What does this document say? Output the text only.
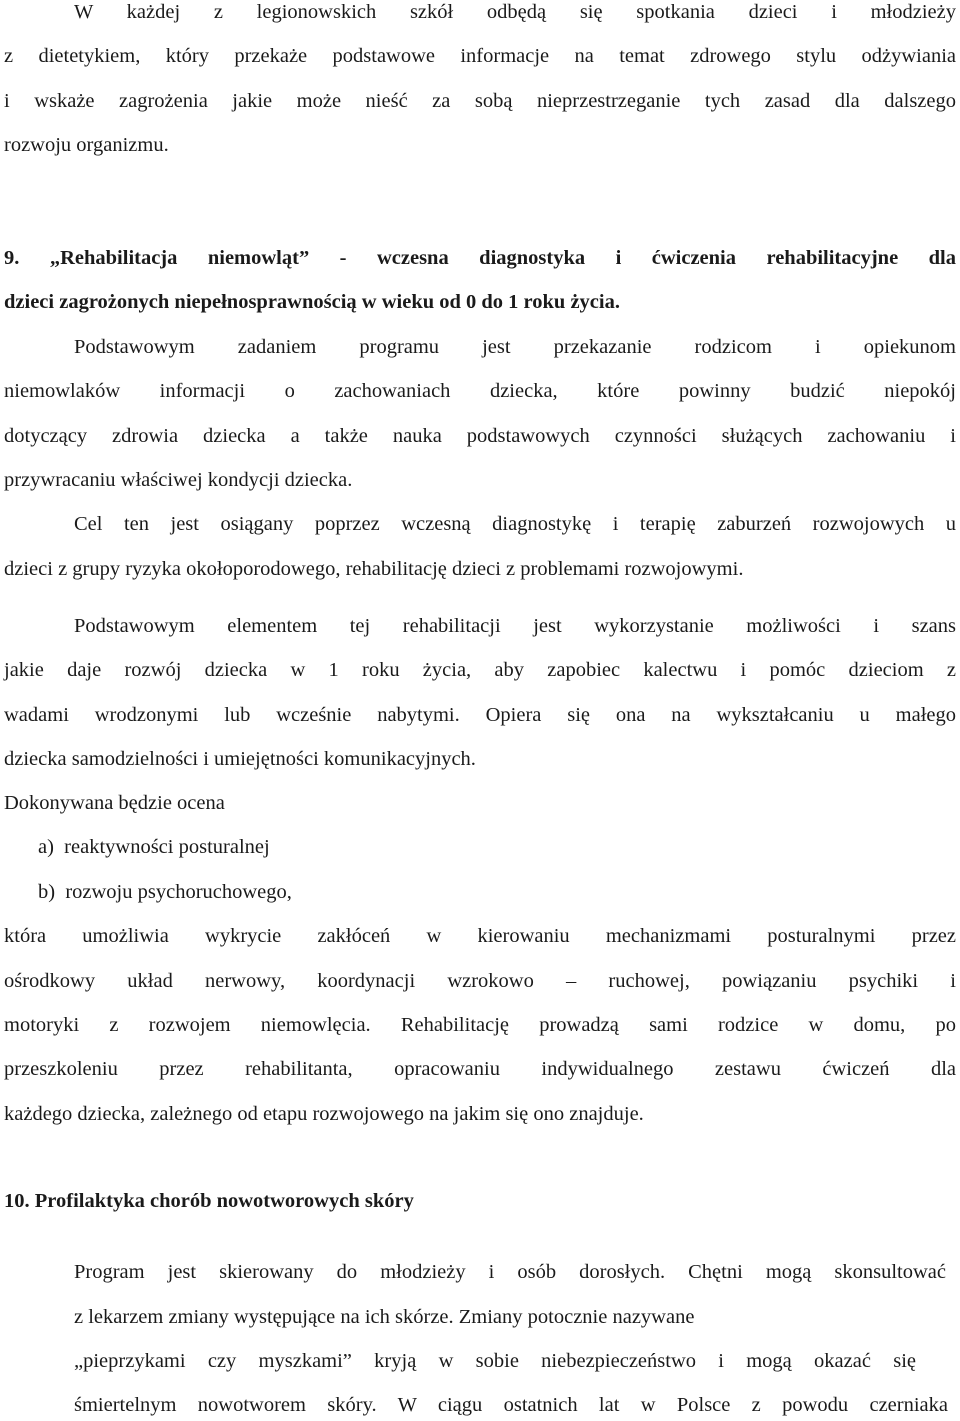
W każdej z legionowskich szkół odbędą się spotkania dzieci i młodzieży
z dietetykiem, który przekaże podstawowe informacje na temat zdrowego stylu odżywiania
i wskaże zagrożenia jakie może nieść za sobą nieprzestrzeganie tych zasad dla dalszego
rozwoju organizmu.
9. „Rehabilitacja niemowląt” - wczesna diagnostyka i ćwiczenia rehabilitacyjne dla
dzieci zagrożonych niepełnosprawnością w wieku od 0 do 1 roku życia.
Podstawowym zadaniem programu jest przekazanie rodzicom i opiekunom
niemowlaków informacji o zachowaniach dziecka, które powinny budzić niepokój
dotyczący zdrowia dziecka a także nauka podstawowych czynności służących zachowaniu i
przywracaniu właściwej kondycji dziecka.
Cel ten jest osiągany poprzez wczesną diagnostykę i terapię zaburzeń rozwojowych u
dzieci z grupy ryzyka okołoporodowego, rehabilitację dzieci z problemami rozwojowymi.
Podstawowym elementem tej rehabilitacji jest wykorzystanie możliwości i szans
jakie daje rozwój dziecka w 1 roku życia, aby zapobiec kalectwu i pomóc dzieciom z
wadami wrodzonymi lub wcześnie nabytymi. Opiera się ona na wykształcaniu u małego
dziecka samodzielności i umiejętności komunikacyjnych.
Dokonywana będzie ocena
a)  reaktywności posturalnej
b)  rozwoju psychoruchowego,
która umożliwia wykrycie zakłóceń w kierowaniu mechanizmami posturalnymi przez
ośrodkowy układ nerwowy, koordynacji wzrokowo – ruchowej, powiązaniu psychiki i
motoryki z rozwojem niemowlęcia. Rehabilitację prowadzą sami rodzice w domu, po
przeszkoleniu przez rehabilitanta, opracowaniu indywidualnego zestawu ćwiczeń dla
każdego dziecka, zależnego od etapu rozwojowego na jakim się ono znajduje.
10. Profilaktyka chorób nowotworowych skóry
Program jest skierowany do młodzieży i osób dorosłych. Chętni mogą skonsultować
z lekarzem zmiany występujące na ich skórze. Zmiany potocznie nazywane
„pieprzykami czy myszkami” kryją w sobie niebezpieczeństwo i mogą okazać się
śmiertelnym nowotworem skóry. W ciągu ostatnich lat w Polsce z powodu czerniaka
